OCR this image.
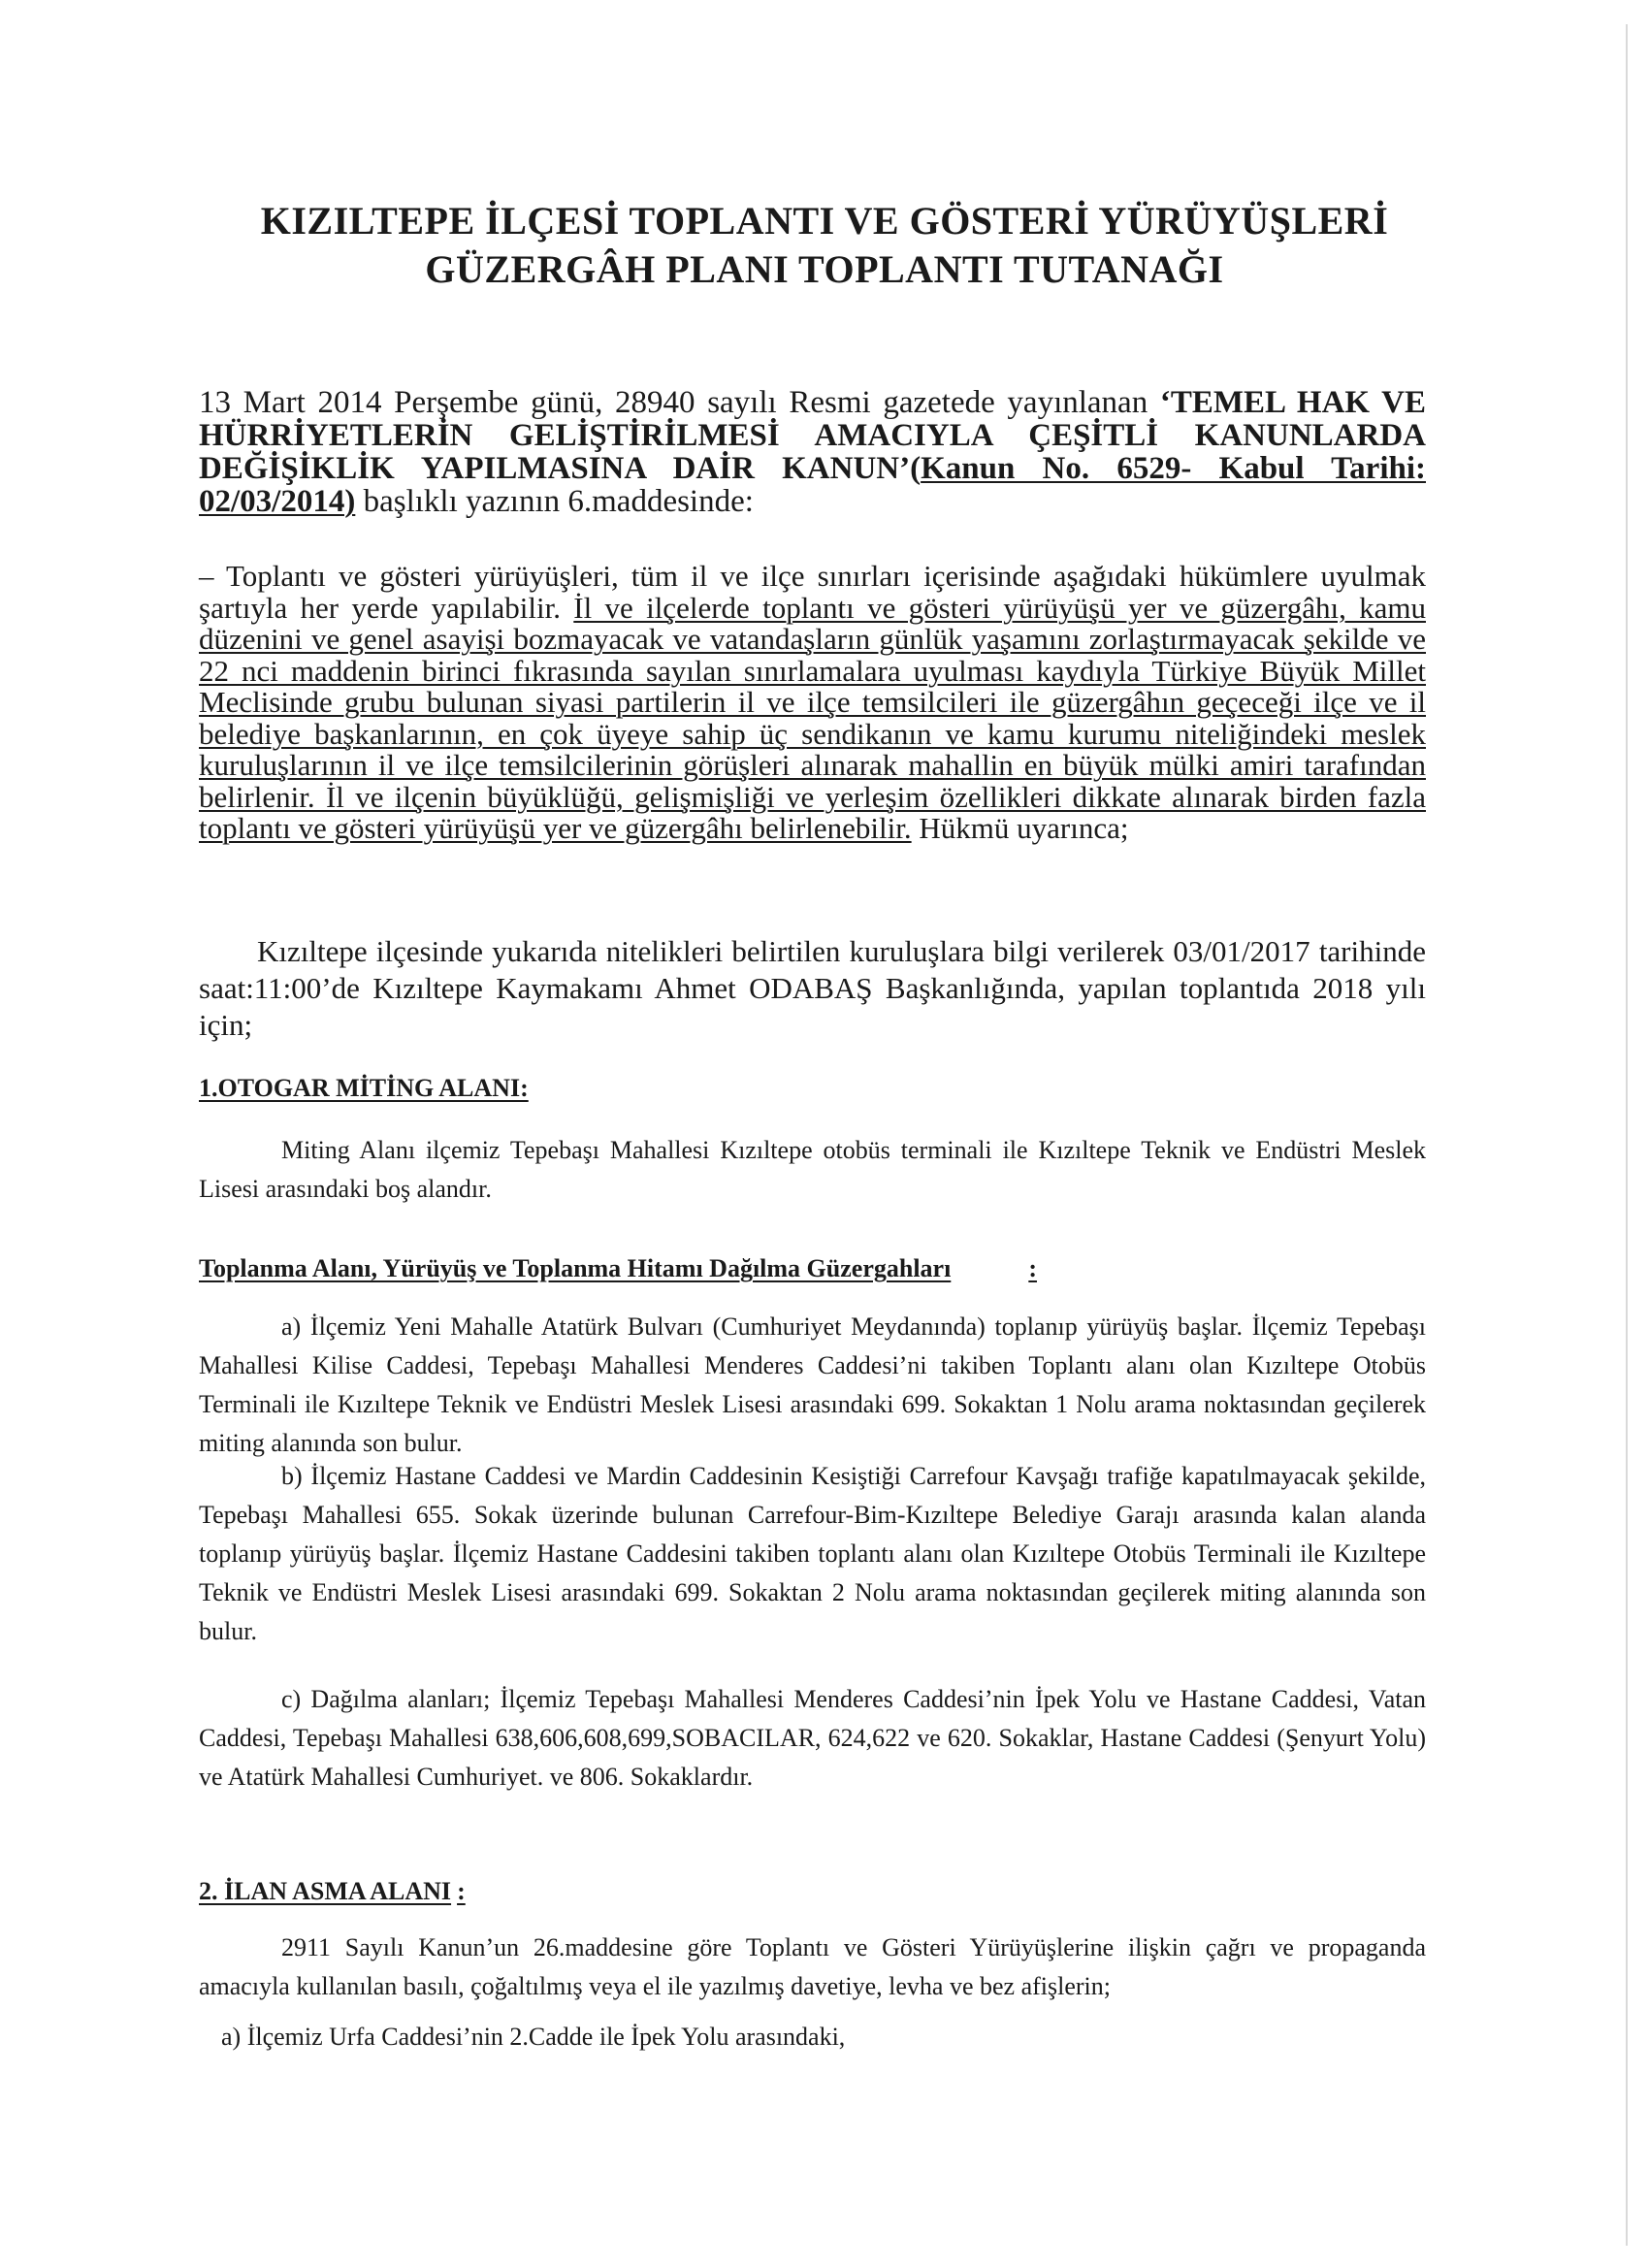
KIZILTEPE İLÇESİ TOPLANTI VE GÖSTERİ YÜRÜYÜŞLERİ
GÜZERGÂH PLANI TOPLANTI TUTANAĞI
13 Mart 2014 Perşembe günü, 28940 sayılı Resmi gazetede yayınlanan ‘TEMEL HAK VE HÜRRİYETLERİN GELİŞTİRİLMESİ AMACIYLA ÇEŞİTLİ KANUNLARDA DEĞİŞİKLİK YAPILMASINA DAİR KANUN’(Kanun No. 6529- Kabul Tarihi: 02/03/2014) başlıklı yazının 6.maddesinde:
– Toplantı ve gösteri yürüyüşleri, tüm il ve ilçe sınırları içerisinde aşağıdaki hükümlere uyulmak şartıyla her yerde yapılabilir. İl ve ilçelerde toplantı ve gösteri yürüyüşü yer ve güzergâhı, kamu düzenini ve genel asayişi bozmayacak ve vatandaşların günlük yaşamını zorlaştırmayacak şekilde ve 22 nci maddenin birinci fıkrasında sayılan sınırlamalara uyulması kaydıyla Türkiye Büyük Millet Meclisinde grubu bulunan siyasi partilerin il ve ilçe temsilcileri ile güzergâhın geçeceği ilçe ve il belediye başkanlarının, en çok üyeye sahip üç sendikanın ve kamu kurumu niteliğindeki meslek kuruluşlarının il ve ilçe temsilcilerinin görüşleri alınarak mahallin en büyük mülki amiri tarafından belirlenir. İl ve ilçenin büyüklüğü, gelişmişliği ve yerleşim özellikleri dikkate alınarak birden fazla toplantı ve gösteri yürüyüşü yer ve güzergâhı belirlenebilir. Hükmü uyarınca;
Kızıltepe ilçesinde yukarıda nitelikleri belirtilen kuruluşlara bilgi verilerek 03/01/2017 tarihinde saat:11:00’de Kızıltepe Kaymakamı Ahmet ODABAŞ Başkanlığında, yapılan toplantıda 2018 yılı için;
1.OTOGAR MİTİNG ALANI:
Miting Alanı ilçemiz Tepebaşı Mahallesi Kızıltepe otobüs terminali ile Kızıltepe Teknik ve Endüstri Meslek Lisesi arasındaki boş alandır.
Toplanma Alanı, Yürüyüş ve Toplanma Hitamı Dağılma Güzergahları	:
a) İlçemiz Yeni Mahalle Atatürk Bulvarı (Cumhuriyet Meydanında) toplanıp yürüyüş başlar. İlçemiz Tepebaşı Mahallesi Kilise Caddesi, Tepebaşı Mahallesi Menderes Caddesi’ni takiben Toplantı alanı olan Kızıltepe Otobüs Terminali ile Kızıltepe Teknik ve Endüstri Meslek Lisesi arasındaki 699. Sokaktan 1 Nolu arama noktasından geçilerek miting alanında son bulur.
b) İlçemiz Hastane Caddesi ve Mardin Caddesinin Kesiştiği Carrefour Kavşağı trafiğe kapatılmayacak şekilde, Tepebaşı Mahallesi 655. Sokak üzerinde bulunan Carrefour-Bim-Kızıltepe Belediye Garajı arasında kalan alanda toplanıp yürüyüş başlar. İlçemiz Hastane Caddesini takiben toplantı alanı olan Kızıltepe Otobüs Terminali ile Kızıltepe Teknik ve Endüstri Meslek Lisesi arasındaki 699. Sokaktan 2 Nolu arama noktasından geçilerek miting alanında son bulur.
c) Dağılma alanları; İlçemiz Tepebaşı Mahallesi Menderes Caddesi’nin İpek Yolu ve Hastane Caddesi, Vatan Caddesi, Tepebaşı Mahallesi 638,606,608,699,SOBACILAR, 624,622 ve 620. Sokaklar, Hastane Caddesi (Şenyurt Yolu) ve Atatürk Mahallesi Cumhuriyet. ve 806. Sokaklardır.
2. İLAN ASMA ALANI :
2911 Sayılı Kanun’un 26.maddesine göre Toplantı ve Gösteri Yürüyüşlerine ilişkin çağrı ve propaganda amacıyla kullanılan basılı, çoğaltılmış veya el ile yazılmış davetiye, levha ve bez afişlerin;
a) İlçemiz Urfa Caddesi’nin 2.Cadde ile İpek Yolu arasındaki,
